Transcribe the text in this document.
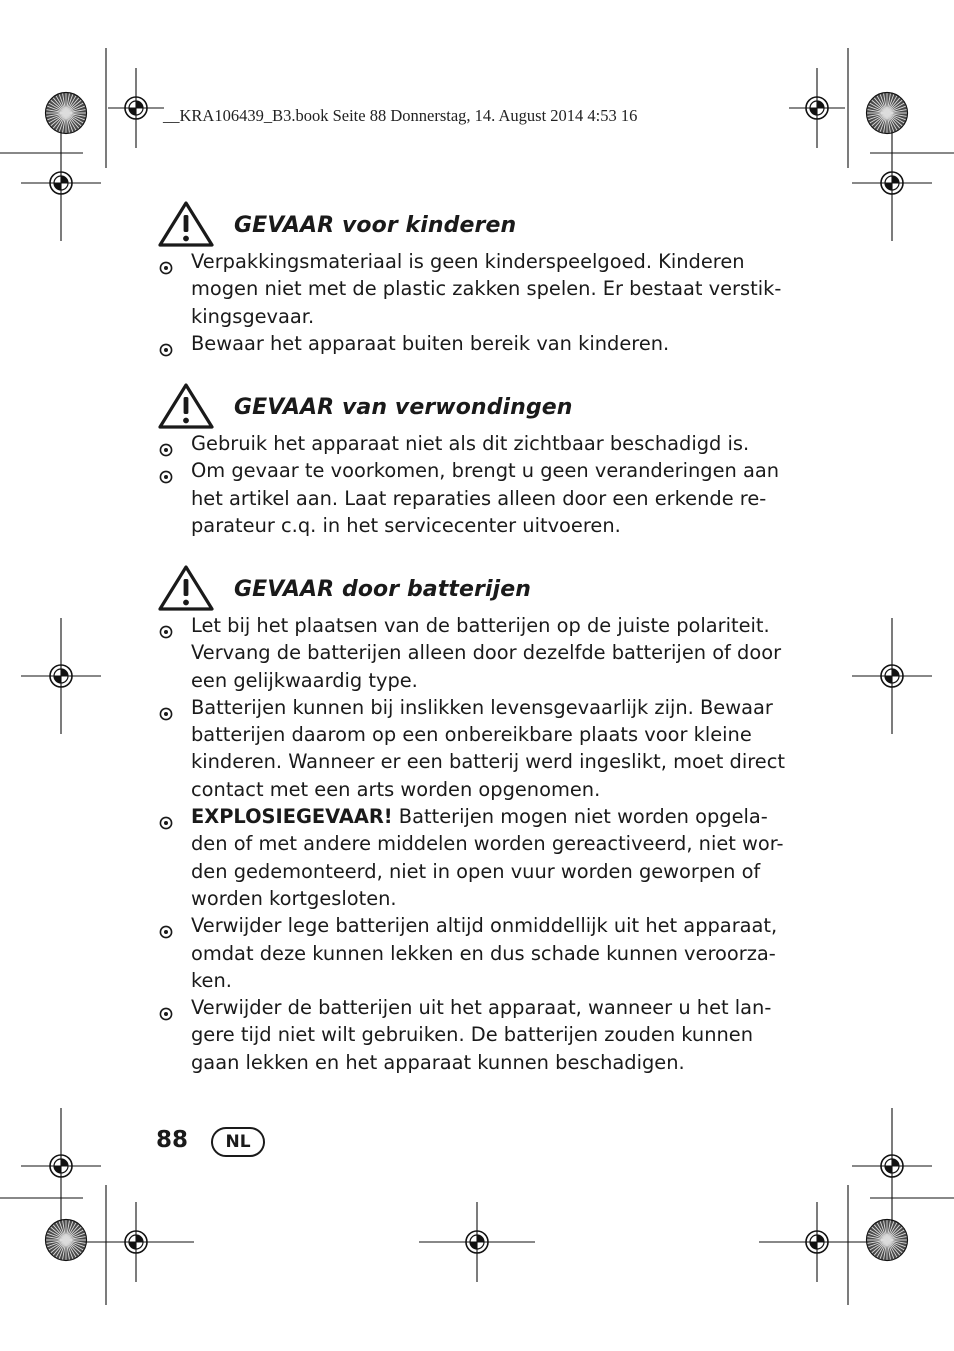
__KRA106439_B3.book Seite 88 Donnerstag, 14. August 2014 4:53 16
GEVAAR voor kinderen
Verpakkingsmateriaal is geen kinderspeelgoed. Kinderen mogen niet met de plastic zakken spelen. Er bestaat verstik-kingsgevaar.
Bewaar het apparaat buiten bereik van kinderen.
GEVAAR van verwondingen
Gebruik het apparaat niet als dit zichtbaar beschadigd is.
Om gevaar te voorkomen, brengt u geen veranderingen aan het artikel aan. Laat reparaties alleen door een erkende re-parateur c.q. in het servicecenter uitvoeren.
GEVAAR door batterijen
Let bij het plaatsen van de batterijen op de juiste polariteit. Vervang de batterijen alleen door dezelfde batterijen of door een gelijkwaardig type.
Batterijen kunnen bij inslikken levensgevaarlijk zijn. Bewaar batterijen daarom op een onbereikbare plaats voor kleine kinderen. Wanneer er een batterij werd ingeslikt, moet direct contact met een arts worden opgenomen.
EXPLOSIEGEVAAR! Batterijen mogen niet worden opgela-den of met andere middelen worden gereactiveerd, niet wor-den gedemonteerd, niet in open vuur worden geworpen of worden kortgesloten.
Verwijder lege batterijen altijd onmiddellijk uit het apparaat, omdat deze kunnen lekken en dus schade kunnen veroorza-ken.
Verwijder de batterijen uit het apparaat, wanneer u het lan-gere tijd niet wilt gebruiken. De batterijen zouden kunnen gaan lekken en het apparaat kunnen beschadigen.
88	NL
